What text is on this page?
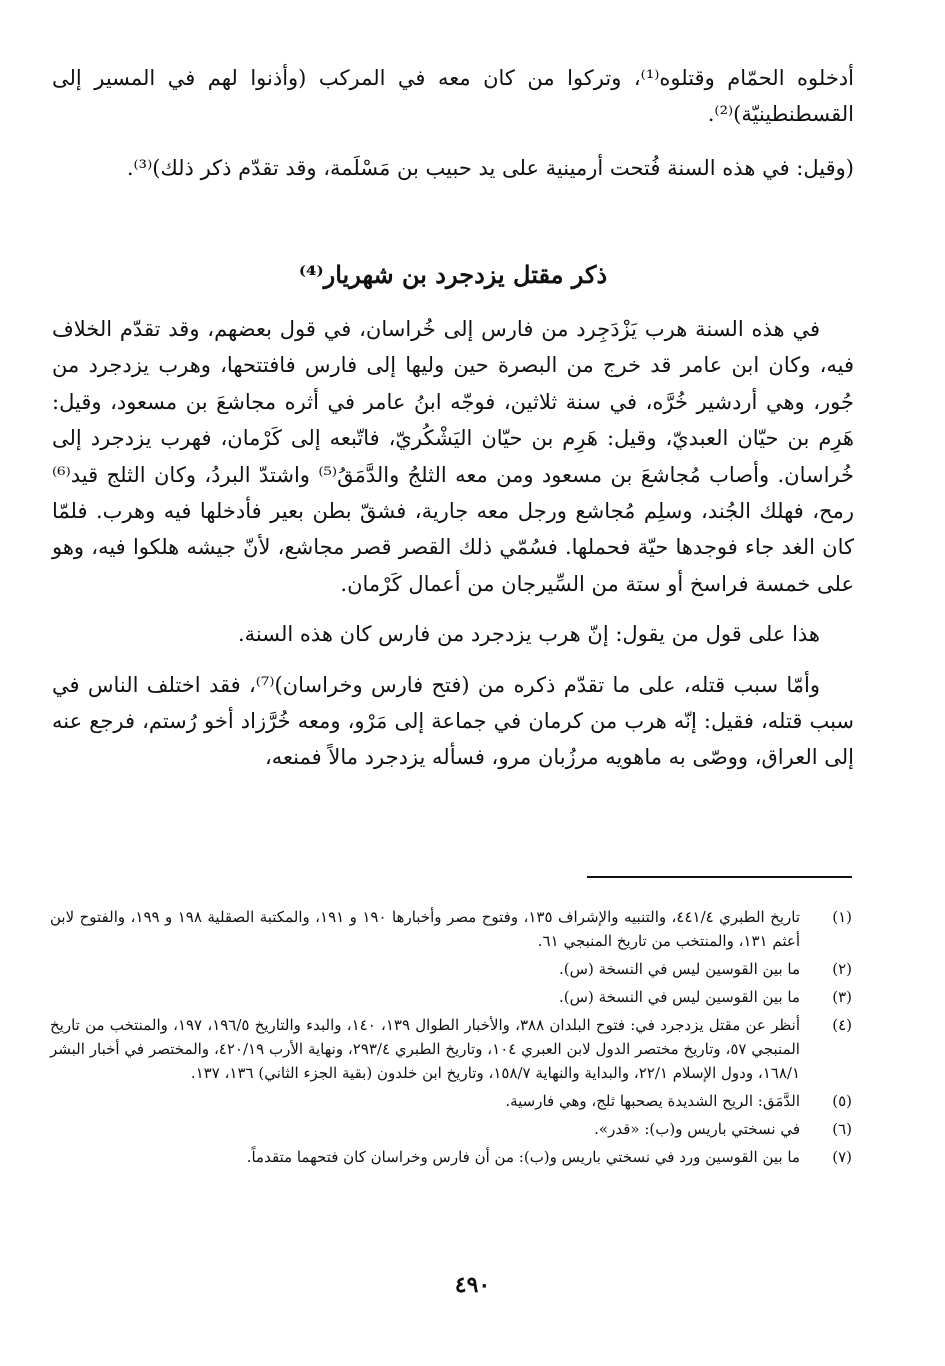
أدخلوه الحمّام وقتلوه⁽¹⁾، وتركوا من كان معه في المركب (وأذنوا لهم في المسير إلى القسطنطينيّة)⁽²⁾.

(وقيل: في هذه السنة فُتحت أرمينية على يد حبيب بن مَسْلَمة، وقد تقدّم ذكر ذلك)⁽³⁾.

ذكر مقتل يزدجرد بن شهريار⁽⁴⁾

في هذه السنة هرب يَزْدَجِرد من فارس إلى خُراسان، في قول بعضهم، وقد تقدّم الخلاف فيه، وكان ابن عامر قد خرج من البصرة حين وليها إلى فارس فافتتحها، وهرب يزدجرد من جُور، وهي أردشير خُرَّه، في سنة ثلاثين، فوجّه ابنُ عامر في أثره مجاشعَ بن مسعود، وقيل: هَرِم بن حيّان العبديّ، وقيل: هَرِم بن حيّان اليَشْكُريّ، فاتّبعه إلى كَرْمان، فهرب يزدجرد إلى خُراسان. وأصاب مُجاشعَ بن مسعود ومن معه الثلجُ والدَّمَقُ⁽⁵⁾ واشتدّ البردُ، وكان الثلج قيد⁽⁶⁾ رمح، فهلك الجُند، وسلِم مُجاشع ورجل معه جارية، فشقّ بطن بعير فأدخلها فيه وهرب. فلمّا كان الغد جاء فوجدها حيّة فحملها. فسُمّي ذلك القصر قصر مجاشع، لأنّ جيشه هلكوا فيه، وهو على خمسة فراسخ أو ستة من السِّيرجان من أعمال كَرْمان.

هذا على قول من يقول: إنّ هرب يزدجرد من فارس كان هذه السنة.

وأمّا سبب قتله، على ما تقدّم ذكره من (فتح فارس وخراسان)⁽⁷⁾، فقد اختلف الناس في سبب قتله، فقيل: إنّه هرب من كرمان في جماعة إلى مَرْو، ومعه خُرَّزاد أخو رُستم، فرجع عنه إلى العراق، ووصّى به ماهويه مرزُبان مرو، فسأله يزدجرد مالاً فمنعه،

(١)
تاريخ الطبري ٤٤١/٤، والتنبيه والإشراف ١٣٥، وفتوح مصر وأخبارها ١٩٠ و ١٩١، والمكتبة الصقلية ١٩٨ و ١٩٩، والفتوح لابن أعثم ١٣١، والمنتخب من تاريخ المنبجي ٦١.
(٢)
ما بين القوسين ليس في النسخة (س).
(٣)
ما بين القوسين ليس في النسخة (س).
(٤)
أنظر عن مقتل يزدجرد في: فتوح البلدان ٣٨٨، والأخبار الطوال ١٣٩، ١٤٠، والبدء والتاريخ ١٩٦/٥، ١٩٧، والمنتخب من تاريخ المنبجي ٥٧، وتاريخ مختصر الدول لابن العبري ١٠٤، وتاريخ الطبري ٢٩٣/٤، ونهاية الأرب ٤٢٠/١٩، والمختصر في أخبار البشر ١٦٨/١، ودول الإسلام ٢٢/١، والبداية والنهاية ١٥٨/٧، وتاريخ ابن خلدون (بقية الجزء الثاني) ١٣٦، ١٣٧.
(٥)
الدَّمَق: الريح الشديدة يصحبها ثلج، وهي فارسية.
(٦)
في نسختي باريس و(ب): «قدر».
(٧)
ما بين القوسين ورد في نسختي باريس و(ب): من أن فارس وخراسان كان فتحهما متقدماً.
٤٩٠
